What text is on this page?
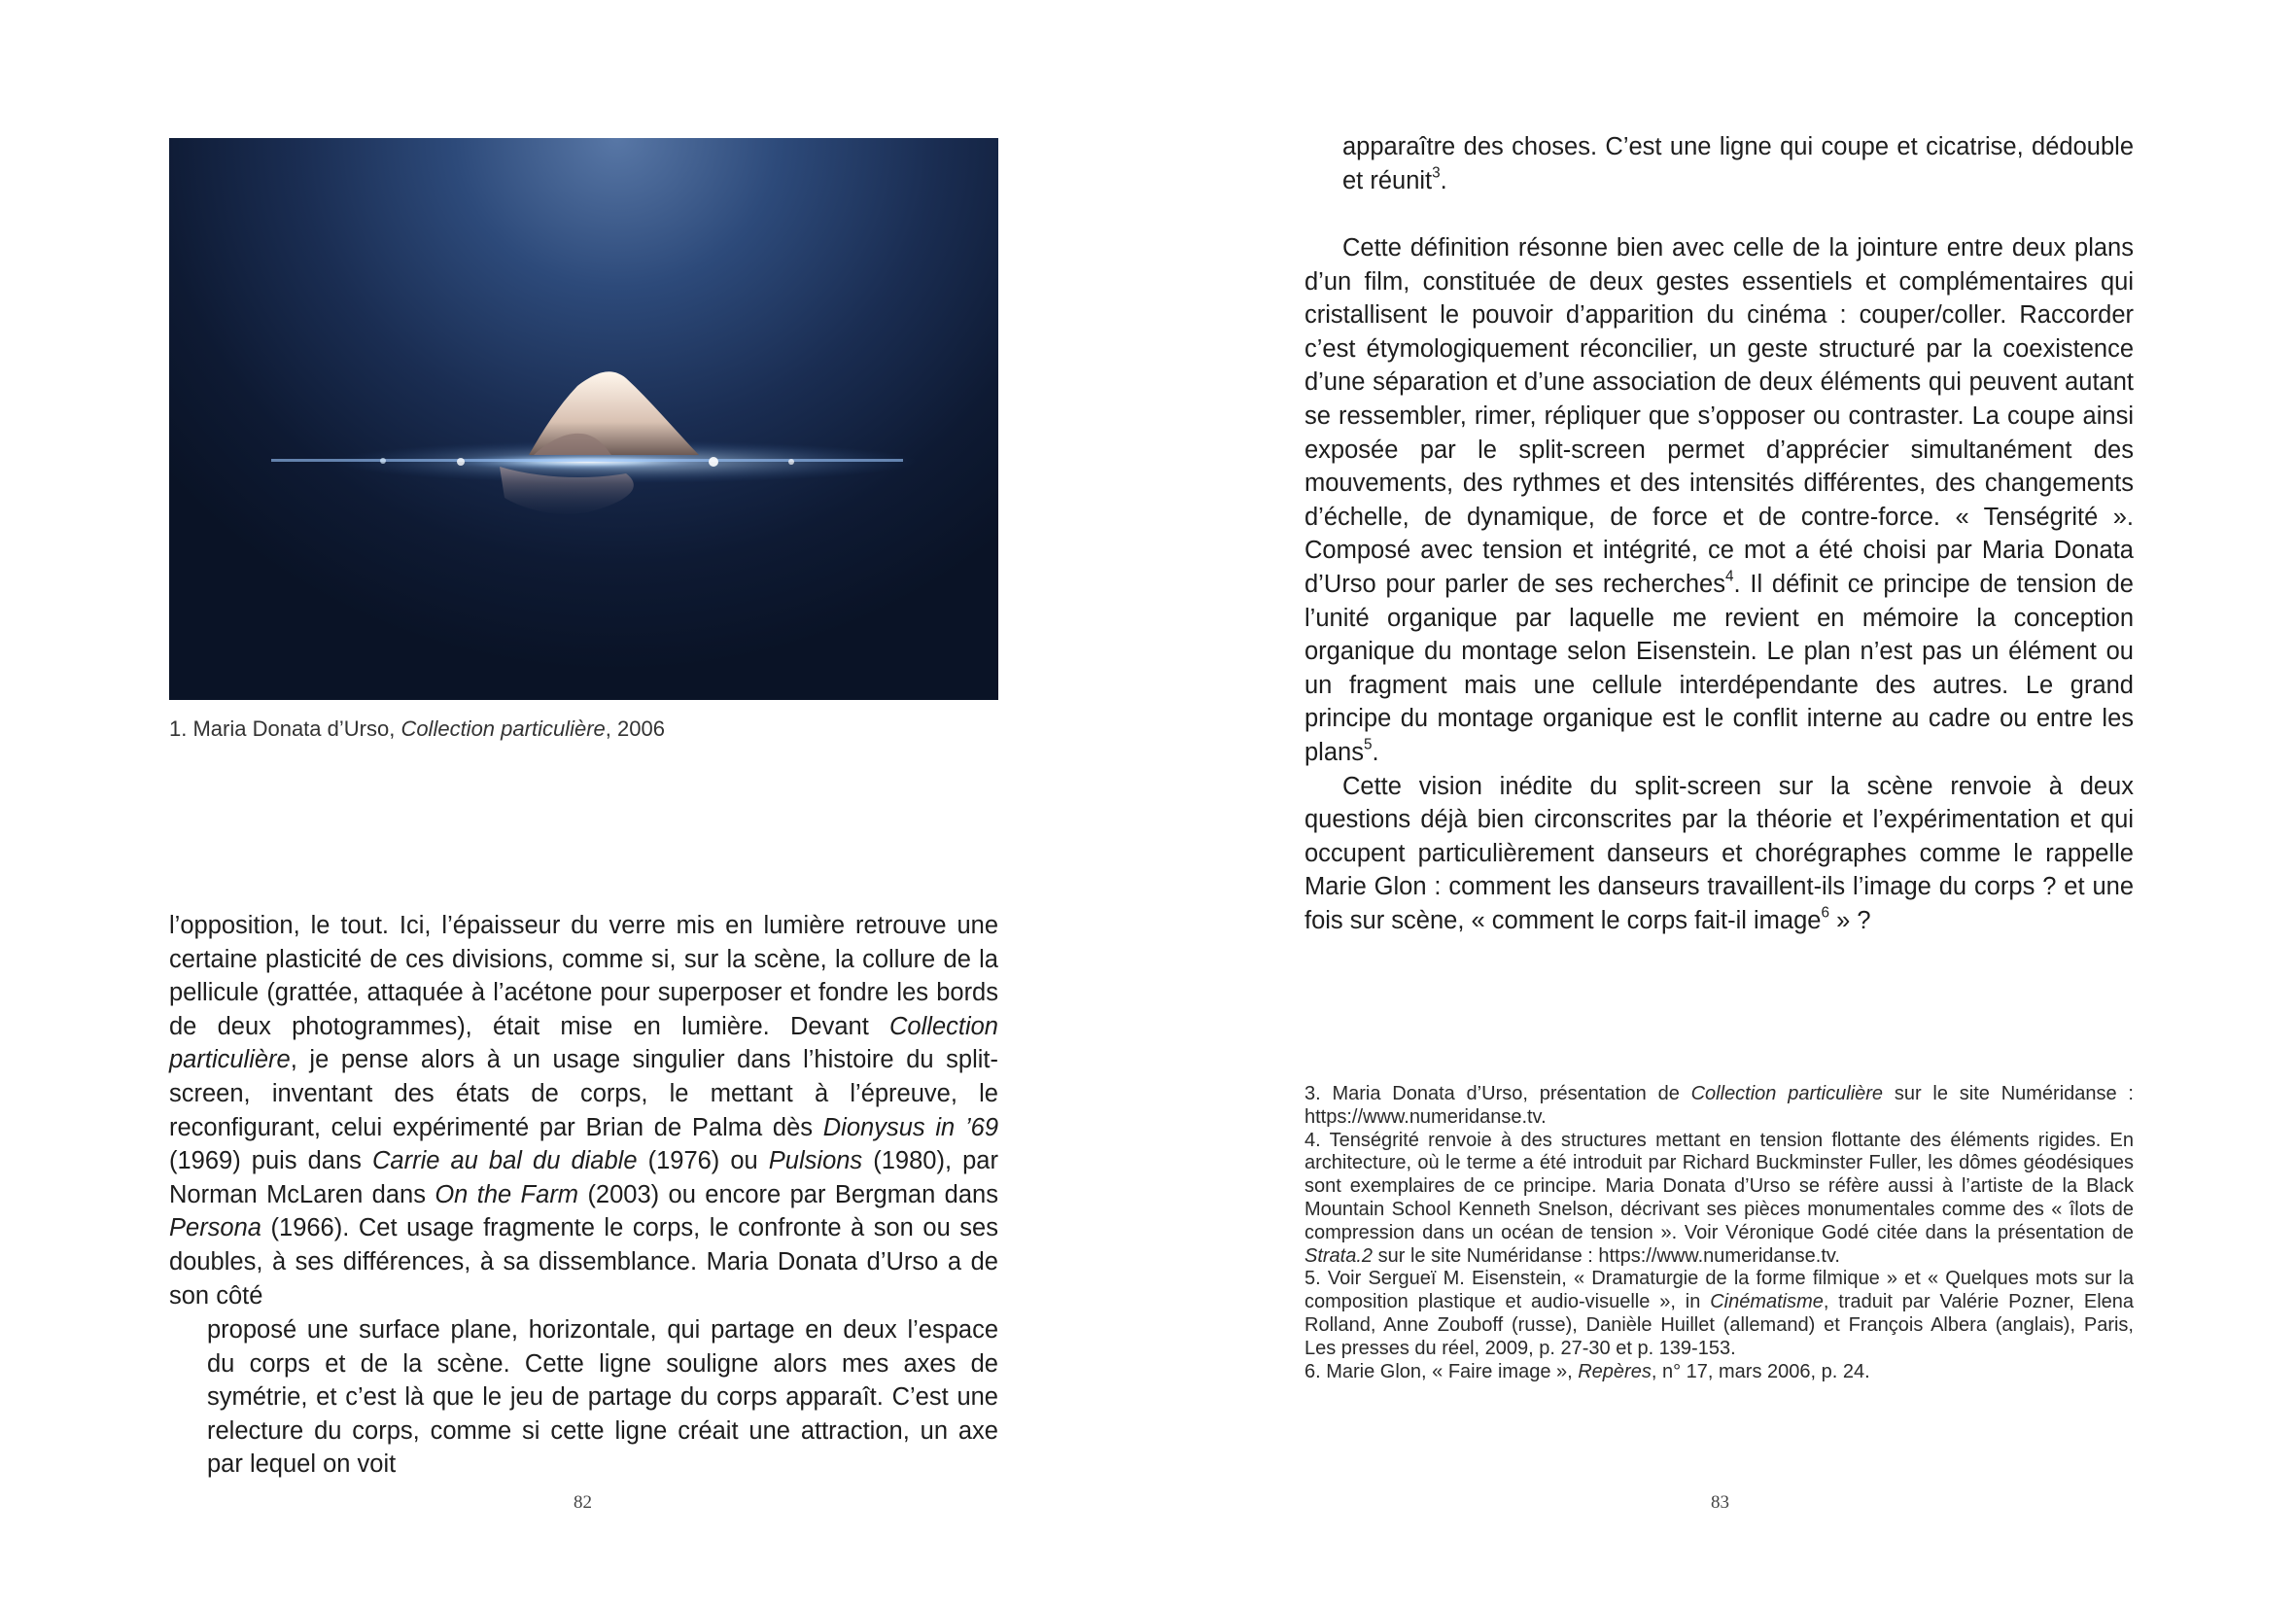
1. Maria Donata d’Urso, Collection particulière, 2006

l’opposition, le tout. Ici, l’épaisseur du verre mis en lumière retrouve une certaine plasticité de ces divisions, comme si, sur la scène, la collure de la pellicule (grattée, attaquée à l’acétone pour superposer et fondre les bords de deux photogrammes), était mise en lumière. Devant Collection particulière, je pense alors à un usage singulier dans l’histoire du split-screen, inventant des états de corps, le mettant à l’épreuve, le reconfigurant, celui expérimenté par Brian de Palma dès Dionysus in ’69 (1969) puis dans Carrie au bal du diable (1976) ou Pulsions (1980), par Norman McLaren dans On the Farm (2003) ou encore par Bergman dans Persona (1966). Cet usage fragmente le corps, le confronte à son ou ses doubles, à ses différences, à sa dissemblance. Maria Donata d’Urso a de son côté

proposé une surface plane, horizontale, qui partage en deux l’espace du corps et de la scène. Cette ligne souligne alors mes axes de symétrie, et c’est là que le jeu de partage du corps apparaît. C’est une relecture du corps, comme si cette ligne créait une attraction, un axe par lequel on voit

82

apparaître des choses. C’est une ligne qui coupe et cicatrise, dédouble et réunit$^3$.

Cette définition résonne bien avec celle de la jointure entre deux plans d’un film, constituée de deux gestes essentiels et complémentaires qui cristallisent le pouvoir d’apparition du cinéma : couper/coller. Raccorder c’est étymologiquement réconcilier, un geste structuré par la coexistence d’une séparation et d’une association de deux éléments qui peuvent autant se ressembler, rimer, répliquer que s’opposer ou contraster. La coupe ainsi exposée par le split-screen permet d’apprécier simultanément des mouvements, des rythmes et des intensités différentes, des changements d’échelle, de dynamique, de force et de contre-force. « Tenségrité ». Composé avec tension et intégrité, ce mot a été choisi par Maria Donata d’Urso pour parler de ses recherches$^4$. Il définit ce principe de tension de l’unité organique par laquelle me revient en mémoire la conception organique du montage selon Eisenstein. Le plan n’est pas un élément ou un fragment mais une cellule interdépendante des autres. Le grand principe du montage organique est le conflit interne au cadre ou entre les plans$^5$.

Cette vision inédite du split-screen sur la scène renvoie à deux questions déjà bien circonscrites par la théorie et l’expérimentation et qui occupent particulièrement danseurs et chorégraphes comme le rappelle Marie Glon : comment les danseurs travaillent-ils l’image du corps ? et une fois sur scène, « comment le corps fait-il image$^6$ » ?

3. Maria Donata d’Urso, présentation de Collection particulière sur le site Numéridanse : https://www.numeridanse.tv.

4. Tenségrité renvoie à des structures mettant en tension flottante des éléments rigides. En architecture, où le terme a été introduit par Richard Buckminster Fuller, les dômes géodésiques sont exemplaires de ce principe. Maria Donata d’Urso se réfère aussi à l’artiste de la Black Mountain School Kenneth Snelson, décrivant ses pièces monumentales comme des « îlots de compression dans un océan de tension ». Voir Véronique Godé citée dans la présentation de Strata.2 sur le site Numéridanse : https://www.numeridanse.tv.

5. Voir Sergueï M. Eisenstein, « Dramaturgie de la forme filmique » et « Quelques mots sur la composition plastique et audio-visuelle », in Cinématisme, traduit par Valérie Pozner, Elena Rolland, Anne Zouboff (russe), Danièle Huillet (allemand) et François Albera (anglais), Paris, Les presses du réel, 2009, p. 27-30 et p. 139-153.

6. Marie Glon, « Faire image », Repères, n° 17, mars 2006, p. 24.

83
